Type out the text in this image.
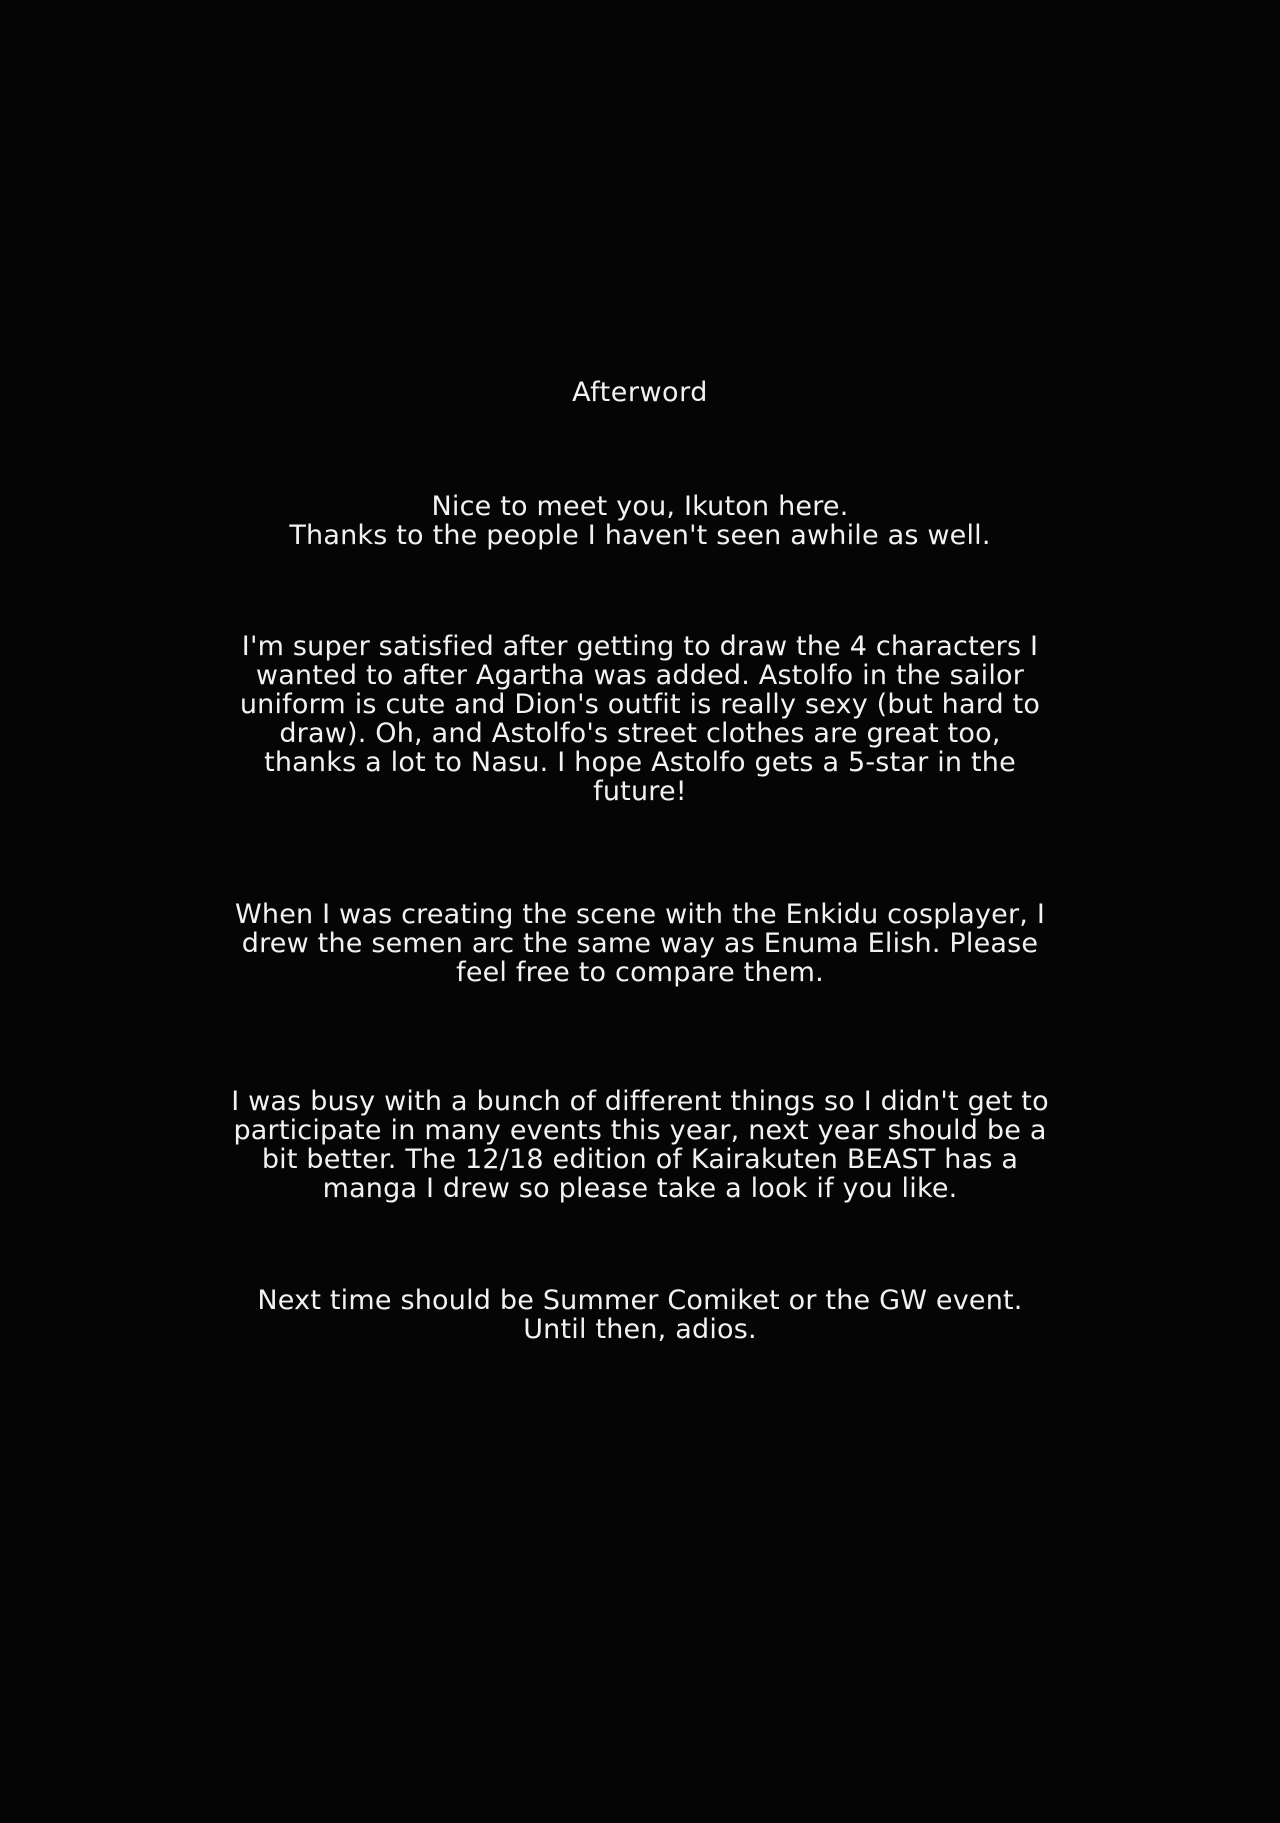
Afterword
Nice to meet you, Ikuton here.
Thanks to the people I haven't seen awhile as well.
I'm super satisfied after getting to draw the 4 characters I
wanted to after Agartha was added. Astolfo in the sailor
uniform is cute and Dion's outfit is really sexy (but hard to
draw). Oh, and Astolfo's street clothes are great too,
thanks a lot to Nasu. I hope Astolfo gets a 5-star in the
future!
When I was creating the scene with the Enkidu cosplayer, I
drew the semen arc the same way as Enuma Elish. Please
feel free to compare them.
I was busy with a bunch of different things so I didn't get to
participate in many events this year, next year should be a
bit better. The 12/18 edition of Kairakuten BEAST has a
manga I drew so please take a look if you like.
Next time should be Summer Comiket or the GW event.
Until then, adios.
